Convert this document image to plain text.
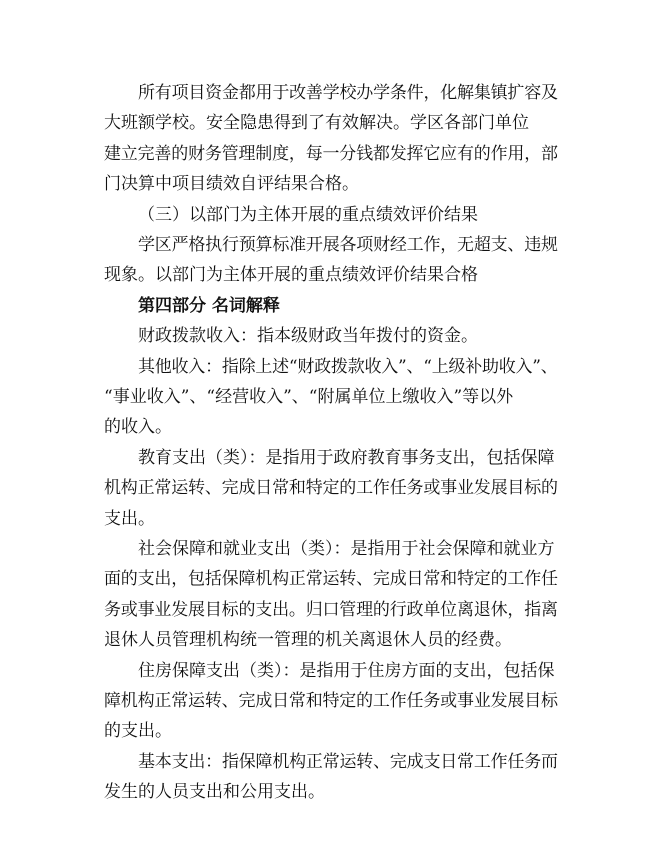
所有项目资金都用于改善学校办学条件，化解集镇扩容及
大班额学校。安全隐患得到了有效解决。学区各部门单位
建立完善的财务管理制度，每一分钱都发挥它应有的作用，部
门决算中项目绩效自评结果合格。
（三）以部门为主体开展的重点绩效评价结果
学区严格执行预算标准开展各项财经工作，无超支、违规
现象。以部门为主体开展的重点绩效评价结果合格
第四部分 名词解释
财政拨款收入：指本级财政当年拨付的资金。
其他收入：指除上述“财政拨款收入”、“上级补助收入”、
“事业收入”、“经营收入”、“附属单位上缴收入”等以外
的收入。
教育支出（类）：是指用于政府教育事务支出，包括保障
机构正常运转、完成日常和特定的工作任务或事业发展目标的
支出。
社会保障和就业支出（类）：是指用于社会保障和就业方
面的支出，包括保障机构正常运转、完成日常和特定的工作任
务或事业发展目标的支出。归口管理的行政单位离退休，指离
退休人员管理机构统一管理的机关离退休人员的经费。
住房保障支出（类）：是指用于住房方面的支出，包括保
障机构正常运转、完成日常和特定的工作任务或事业发展目标
的支出。
基本支出：指保障机构正常运转、完成支日常工作任务而
发生的人员支出和公用支出。
